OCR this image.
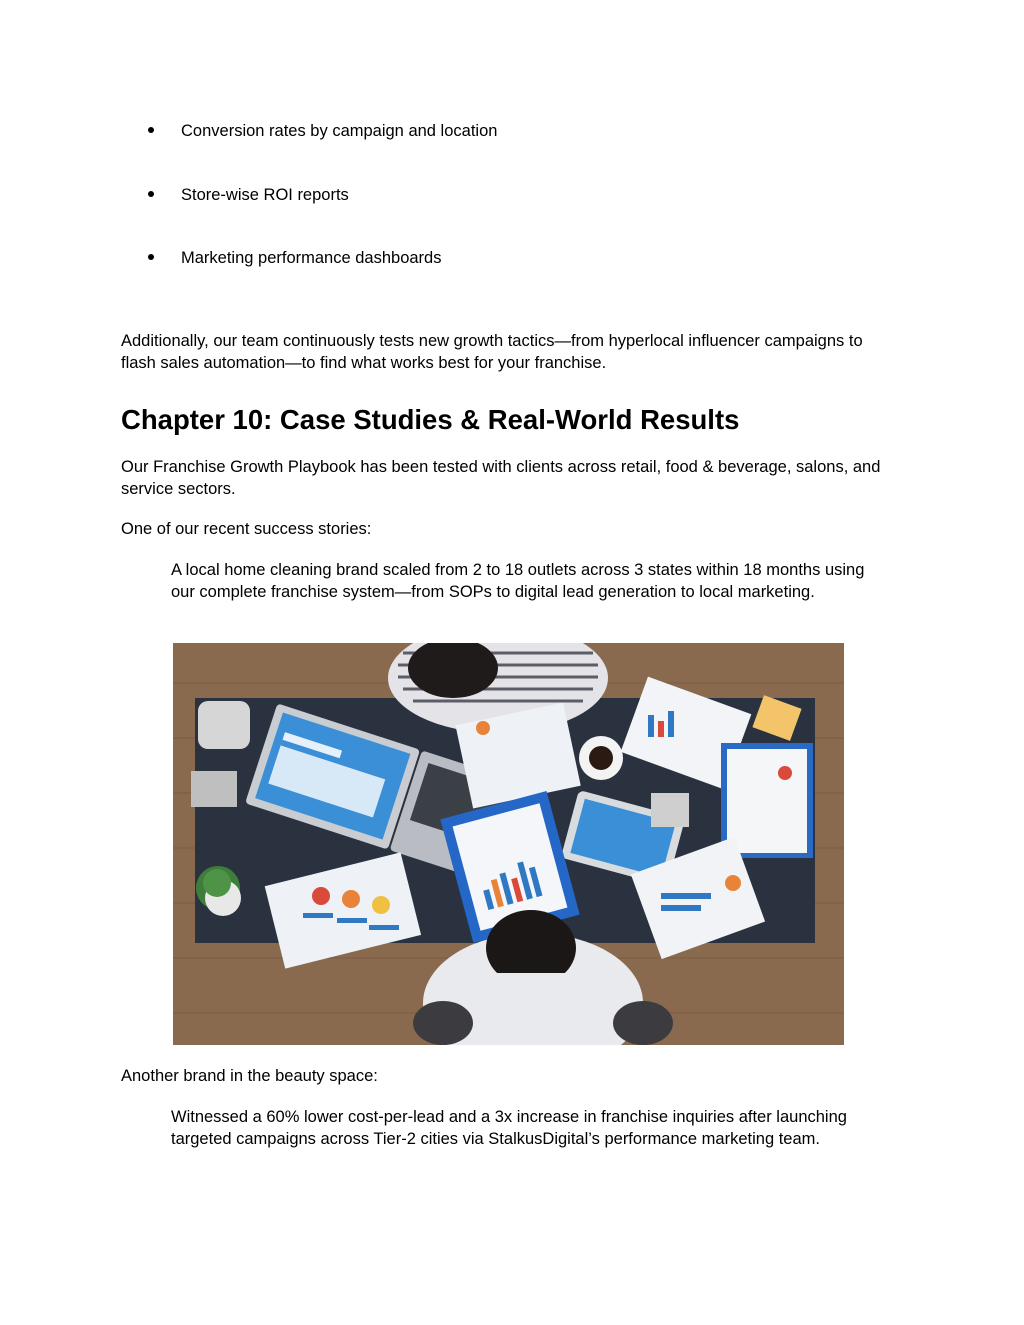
Conversion rates by campaign and location
Store-wise ROI reports
Marketing performance dashboards

Additionally, our team continuously tests new growth tactics—from hyperlocal influencer campaigns to flash sales automation—to find what works best for your franchise.

Chapter 10: Case Studies & Real-World Results

Our Franchise Growth Playbook has been tested with clients across retail, food & beverage, salons, and service sectors.

One of our recent success stories:

A local home cleaning brand scaled from 2 to 18 outlets across 3 states within 18 months using our complete franchise system—from SOPs to digital lead generation to local marketing.

Another brand in the beauty space:

Witnessed a 60% lower cost-per-lead and a 3x increase in franchise inquiries after launching targeted campaigns across Tier-2 cities via StalkusDigital’s performance marketing team.
